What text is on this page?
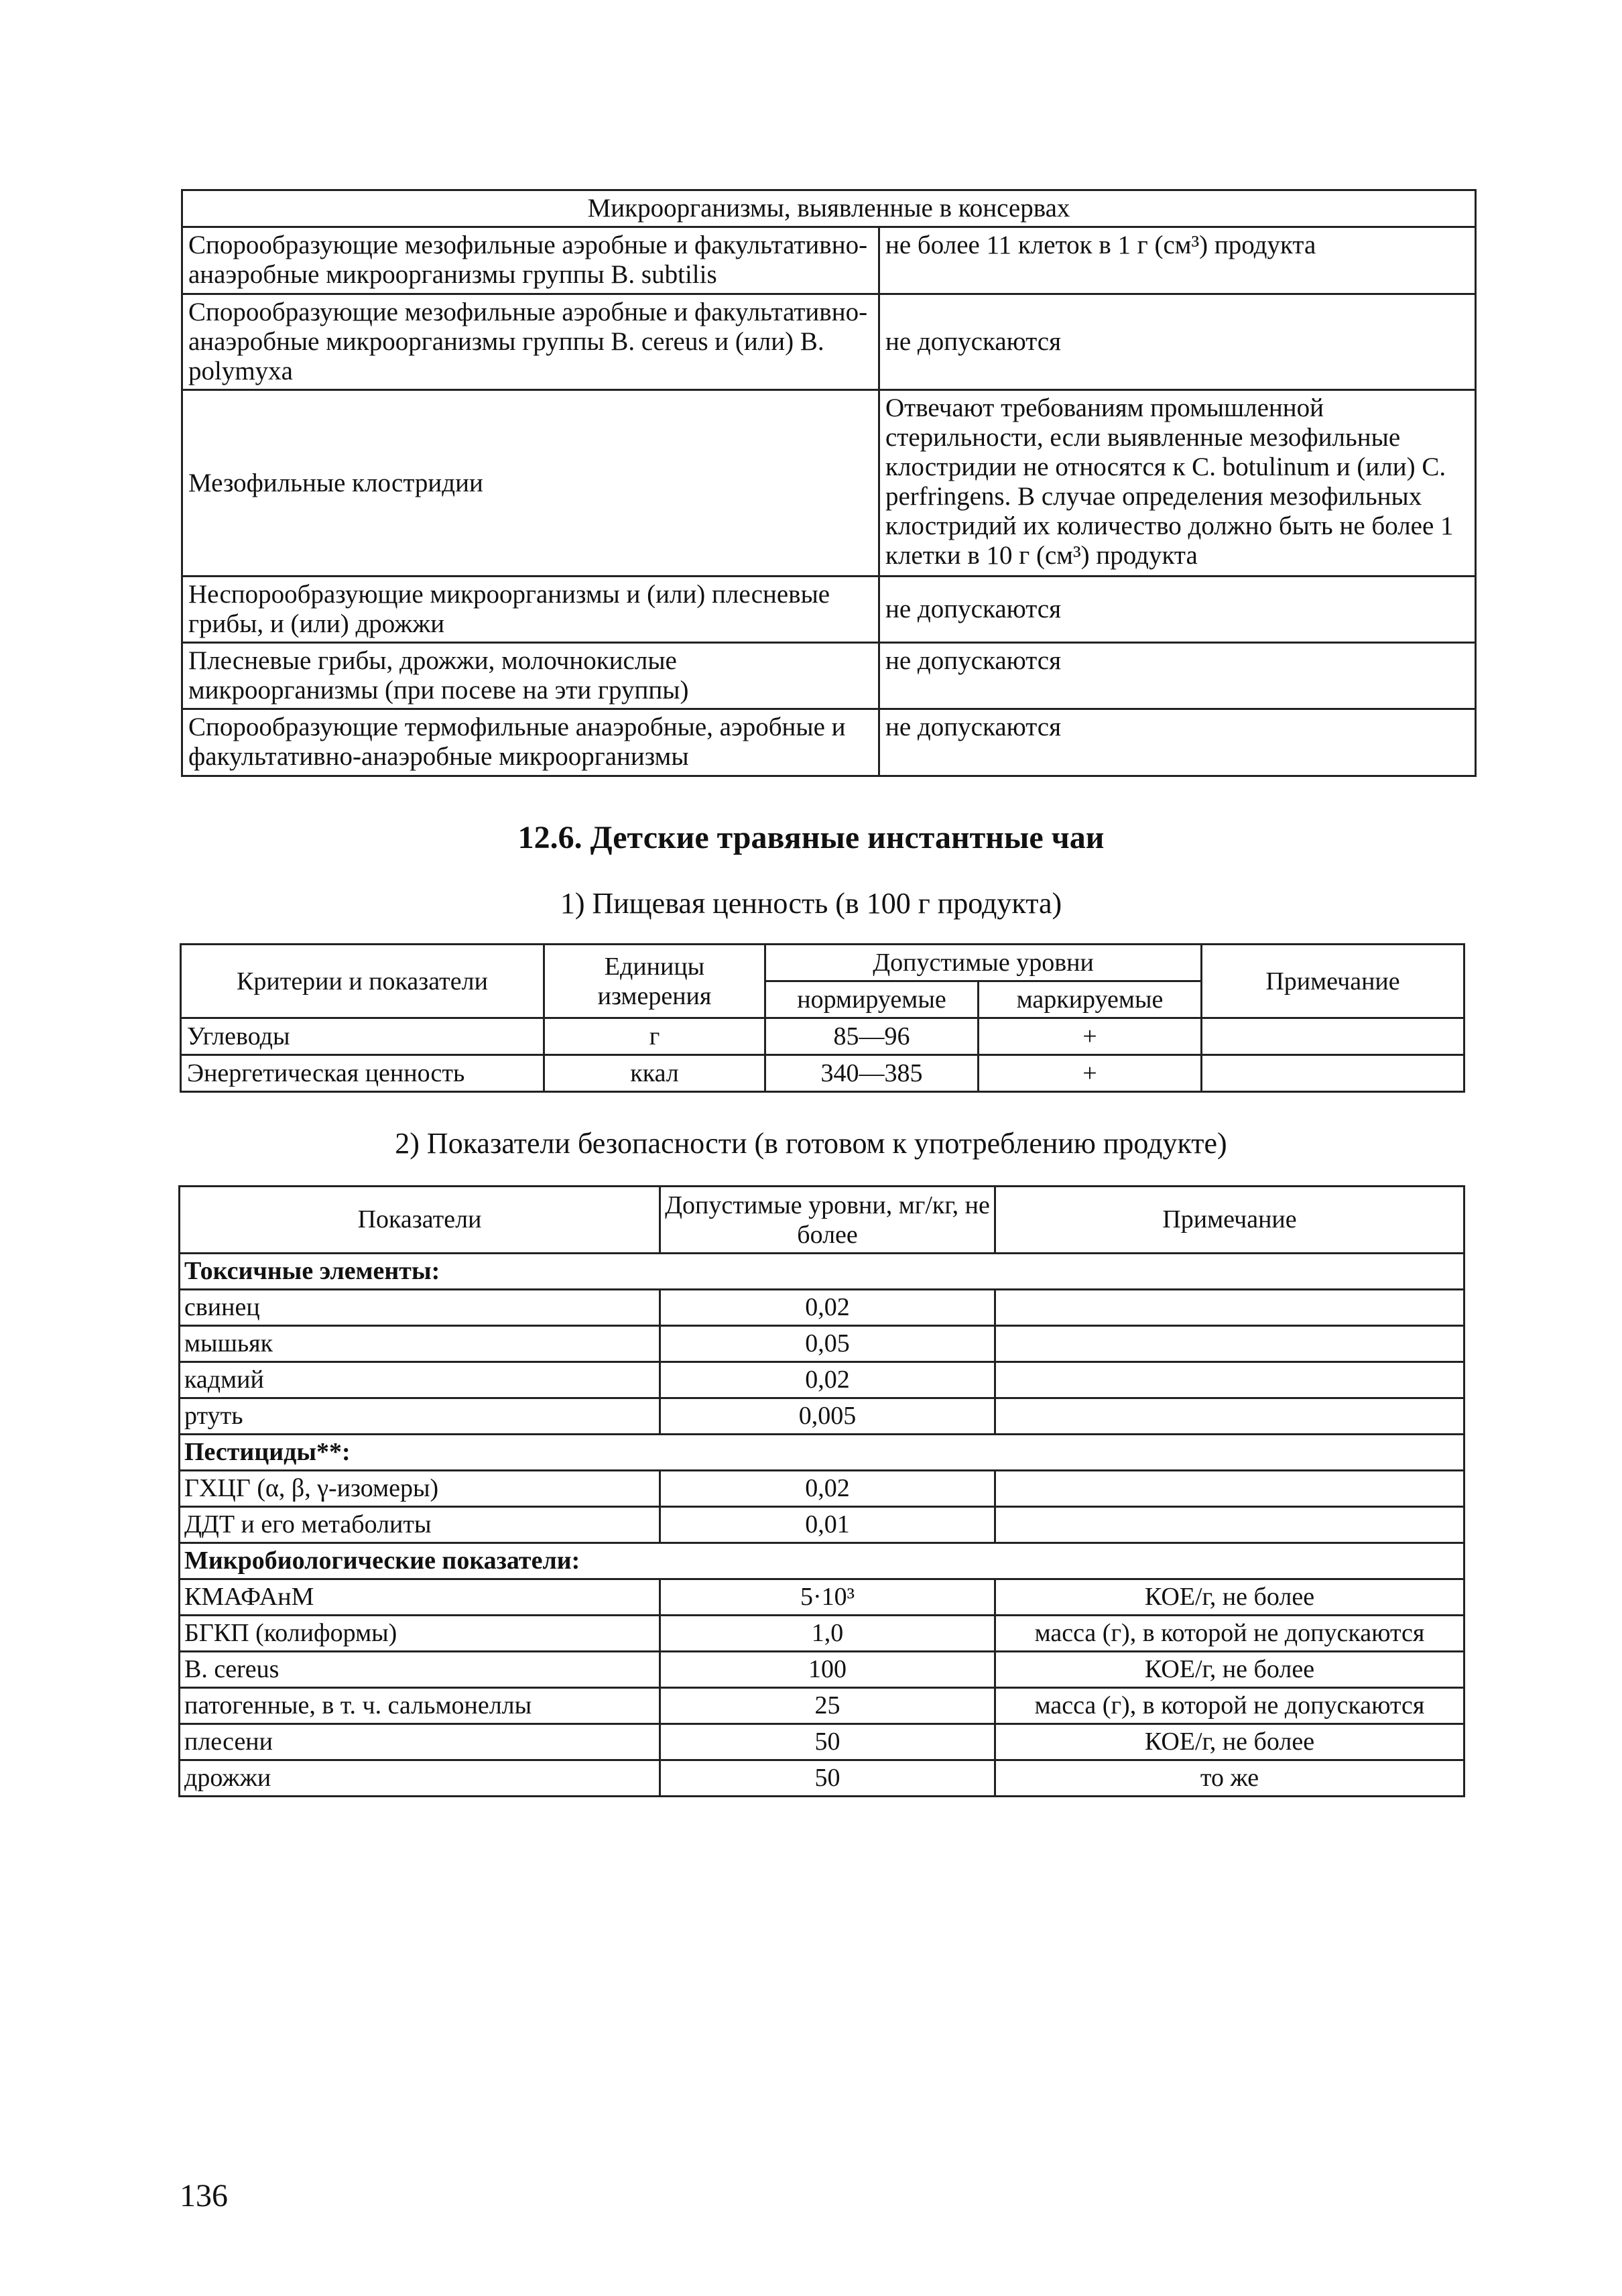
Микроорганизмы, выявленные в консервах	
Спорообразующие мезофильные аэробные и факультативно-анаэробные микроорганизмы группы B. subtilis	не более 11 клеток в 1 г (см³) продукта
Спорообразующие мезофильные аэробные и факультативно-анаэробные микроорганизмы группы B. cereus и (или) B. polymyxa	не допускаются
Мезофильные клостридии	Отвечают требованиям промышленной стерильности, если выявленные мезофильные клостридии не относятся к C. botulinum и (или) C. perfringens. В случае определения мезофильных клостридий их количество должно быть не более 1 клетки в 10 г (см³) продукта
Неспорообразующие микроорганизмы и (или) плесневые грибы, и (или) дрожжи	не допускаются
Плесневые грибы, дрожжи, молочнокислые микроорганизмы (при посеве на эти группы)	не допускаются
Спорообразующие термофильные анаэробные, аэробные и факультативно-анаэробные микроорганизмы	не допускаются
12.6. Детские травяные инстантные чаи
1) Пищевая ценность (в 100 г продукта)
Критерии и показатели	Единицы измерения	Допустимые уровни		Примечание
		нормируемые	маркируемые	
Углеводы	г	85—96	+	
Энергетическая ценность	ккал	340—385	+	
2) Показатели безопасности (в готовом к употреблению продукте)
Показатели	Допустимые уровни, мг/кг, не более	Примечание
Токсичные элементы:		
свинец	0,02	
мышьяк	0,05	
кадмий	0,02	
ртуть	0,005	
Пестициды**:		
ГХЦГ (α, β, γ-изомеры)	0,02	
ДДТ и его метаболиты	0,01	
Микробиологические показатели:		
КМАФАнМ	5·10³	КОЕ/г, не более
БГКП (колиформы)	1,0	масса (г), в которой не допускаются
B. cereus	100	КОЕ/г, не более
патогенные, в т. ч. сальмонеллы	25	масса (г), в которой не допускаются
плесени	50	КОЕ/г, не более
дрожжи	50	то же
136
